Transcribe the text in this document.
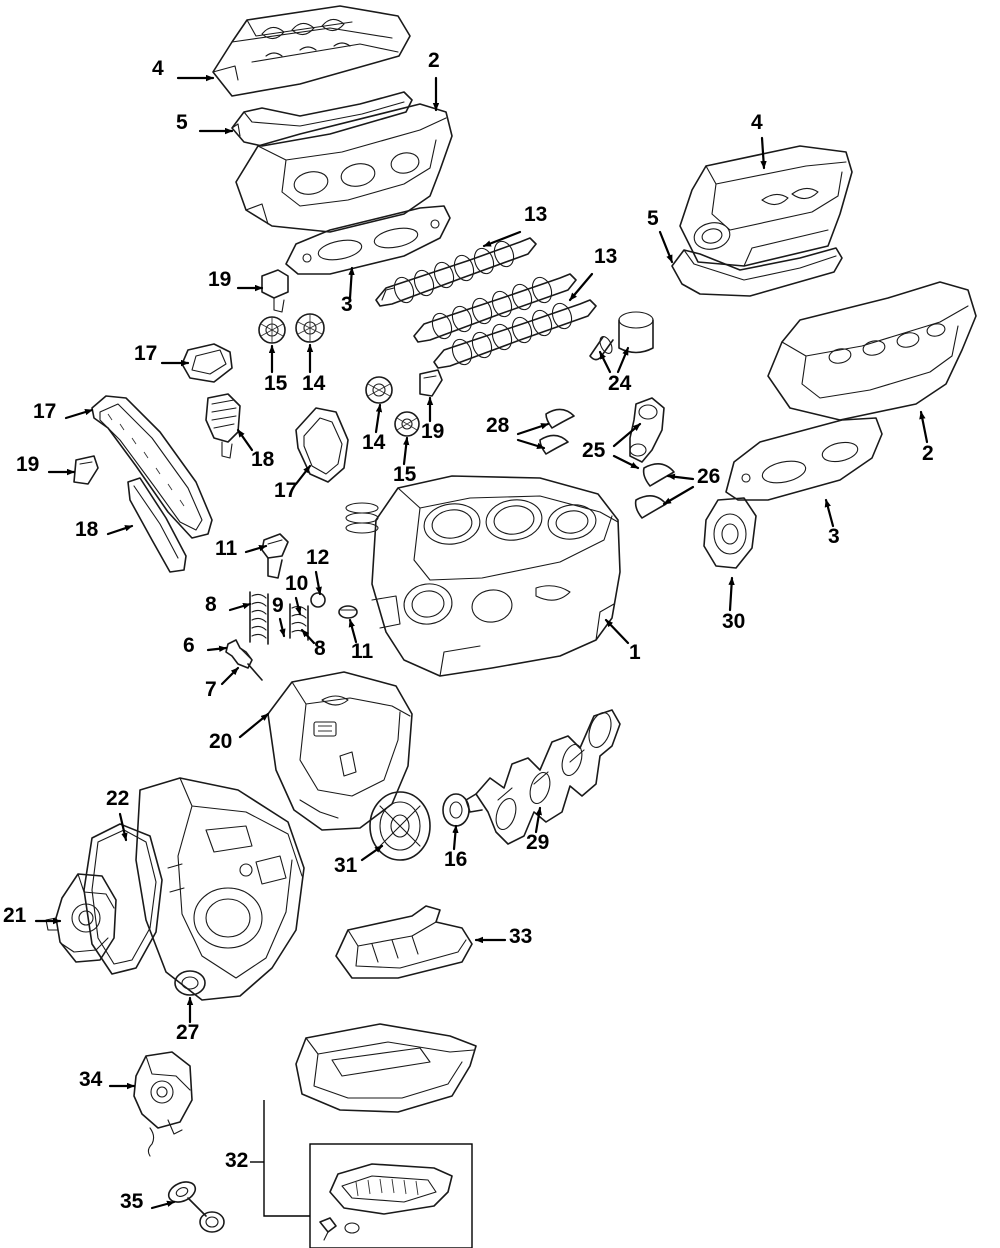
4	2
5	4
5
13
13
3
19
2
17
15 14	24
17
14 19 28
25
19	18
15
17
26
3
18
30
11	12
10
8	9
1
6	8 11
7
20
22
29
16
31
21
33
27
34
32
35
